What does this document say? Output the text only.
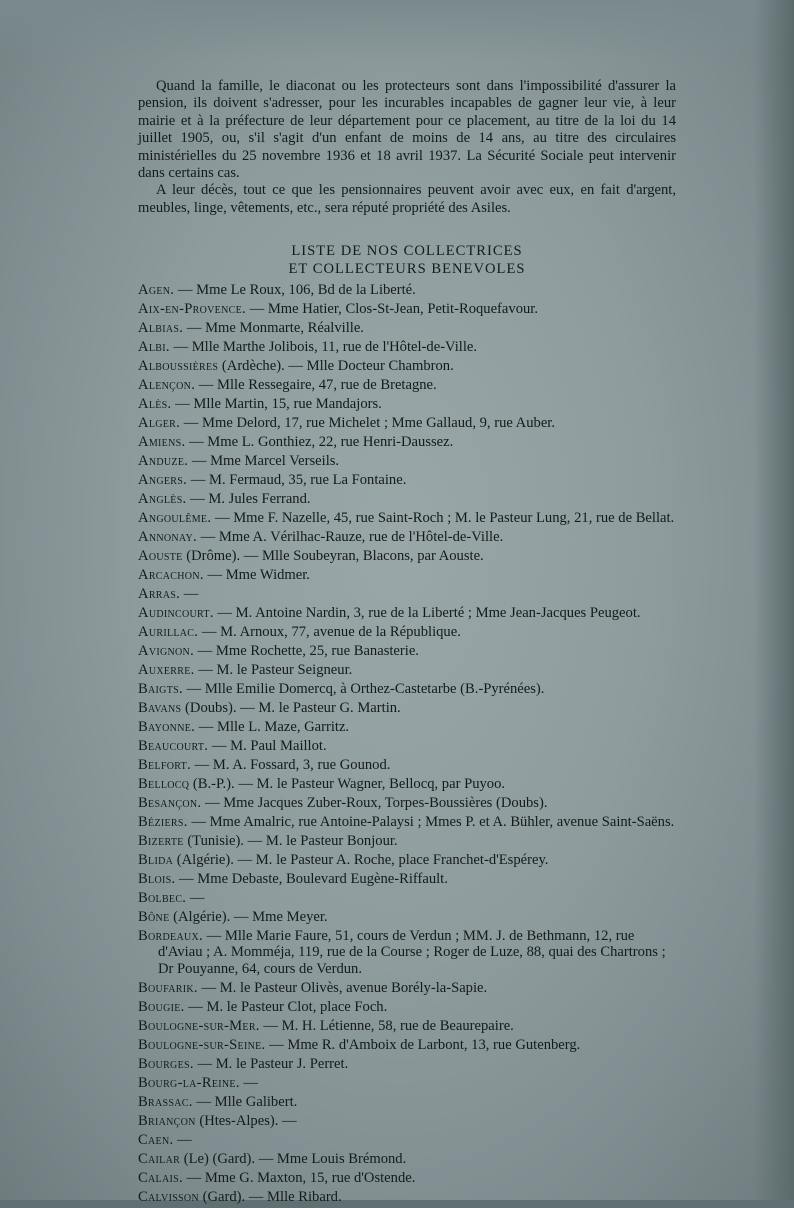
Quand la famille, le diaconat ou les protecteurs sont dans l'impossibilité d'assurer la pension, ils doivent s'adresser, pour les incurables incapables de gagner leur vie, à leur mairie et à la préfecture de leur département pour ce placement, au titre de la loi du 14 juillet 1905, ou, s'il s'agit d'un enfant de moins de 14 ans, au titre des circulaires ministérielles du 25 novembre 1936 et 18 avril 1937. La Sécurité Sociale peut intervenir dans certains cas.

A leur décès, tout ce que les pensionnaires peuvent avoir avec eux, en fait d'argent, meubles, linge, vêtements, etc., sera réputé propriété des Asiles.

LISTE DE NOS COLLECTRICES
ET COLLECTEURS BENEVOLES

Agen. — Mme Le Roux, 106, Bd de la Liberté.

Aix-en-Provence. — Mme Hatier, Clos-St-Jean, Petit-Roquefavour.

Albias. — Mme Monmarte, Réalville.

Albi. — Mlle Marthe Jolibois, 11, rue de l'Hôtel-de-Ville.

Alboussières (Ardèche). — Mlle Docteur Chambron.

Alençon. — Mlle Ressegaire, 47, rue de Bretagne.

Alès. — Mlle Martin, 15, rue Mandajors.

Alger. — Mme Delord, 17, rue Michelet ; Mme Gallaud, 9, rue Auber.

Amiens. — Mme L. Gonthiez, 22, rue Henri-Daussez.

Anduze. — Mme Marcel Verseils.

Angers. — M. Fermaud, 35, rue La Fontaine.

Anglès. — M. Jules Ferrand.

Angoulême. — Mme F. Nazelle, 45, rue Saint-Roch ; M. le Pasteur Lung, 21, rue de Bellat.

Annonay. — Mme A. Vérilhac-Rauze, rue de l'Hôtel-de-Ville.

Aouste (Drôme). — Mlle Soubeyran, Blacons, par Aouste.

Arcachon. — Mme Widmer.

Arras. —

Audincourt. — M. Antoine Nardin, 3, rue de la Liberté ; Mme Jean-Jacques Peugeot.

Aurillac. — M. Arnoux, 77, avenue de la République.

Avignon. — Mme Rochette, 25, rue Banasterie.

Auxerre. — M. le Pasteur Seigneur.

Baigts. — Mlle Emilie Domercq, à Orthez-Castetarbe (B.-Pyrénées).

Bavans (Doubs). — M. le Pasteur G. Martin.

Bayonne. — Mlle L. Maze, Garritz.

Beaucourt. — M. Paul Maillot.

Belfort. — M. A. Fossard, 3, rue Gounod.

Bellocq (B.-P.). — M. le Pasteur Wagner, Bellocq, par Puyoo.

Besançon. — Mme Jacques Zuber-Roux, Torpes-Boussières (Doubs).

Béziers. — Mme Amalric, rue Antoine-Palaysi ; Mmes P. et A. Bühler, avenue Saint-Saëns.

Bizerte (Tunisie). — M. le Pasteur Bonjour.

Blida (Algérie). — M. le Pasteur A. Roche, place Franchet-d'Espérey.

Blois. — Mme Debaste, Boulevard Eugène-Riffault.

Bolbec. —

Bône (Algérie). — Mme Meyer.

Bordeaux. — Mlle Marie Faure, 51, cours de Verdun ; MM. J. de Bethmann, 12, rue d'Aviau ; A. Momméja, 119, rue de la Course ; Roger de Luze, 88, quai des Chartrons ; Dr Pouyanne, 64, cours de Verdun.

Boufarik. — M. le Pasteur Olivès, avenue Borély-la-Sapie.

Bougie. — M. le Pasteur Clot, place Foch.

Boulogne-sur-Mer. — M. H. Létienne, 58, rue de Beaurepaire.

Boulogne-sur-Seine. — Mme R. d'Amboix de Larbont, 13, rue Gutenberg.

Bourges. — M. le Pasteur J. Perret.

Bourg-la-Reine. —

Brassac. — Mlle Galibert.

Briançon (Htes-Alpes). —

Caen. —

Cailar (Le) (Gard). — Mme Louis Brémond.

Calais. — Mme G. Maxton, 15, rue d'Ostende.

Calvisson (Gard). — Mlle Ribard.
